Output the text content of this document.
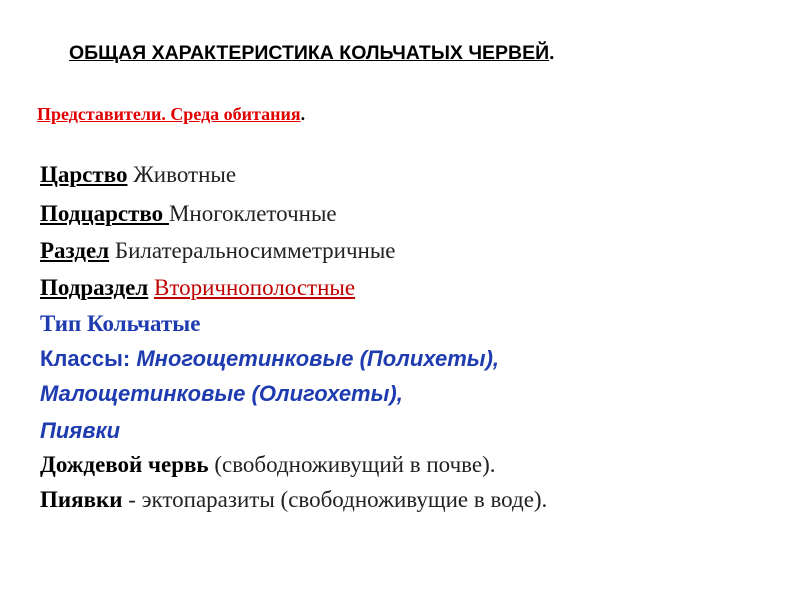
ОБЩАЯ ХАРАКТЕРИСТИКА КОЛЬЧАТЫХ ЧЕРВЕЙ.
Представители. Среда обитания.
Царство Животные
Подцарство Многоклеточные
Раздел Билатеральносимметричные
Подраздел Вторичнополостные
Тип Кольчатые
Классы: Многощетинковые (Полихеты),
Малощетинковые (Олигохеты),
Пиявки
Дождевой червь (свободноживущий в почве).
Пиявки - эктопаразиты (свободноживущие в воде).
